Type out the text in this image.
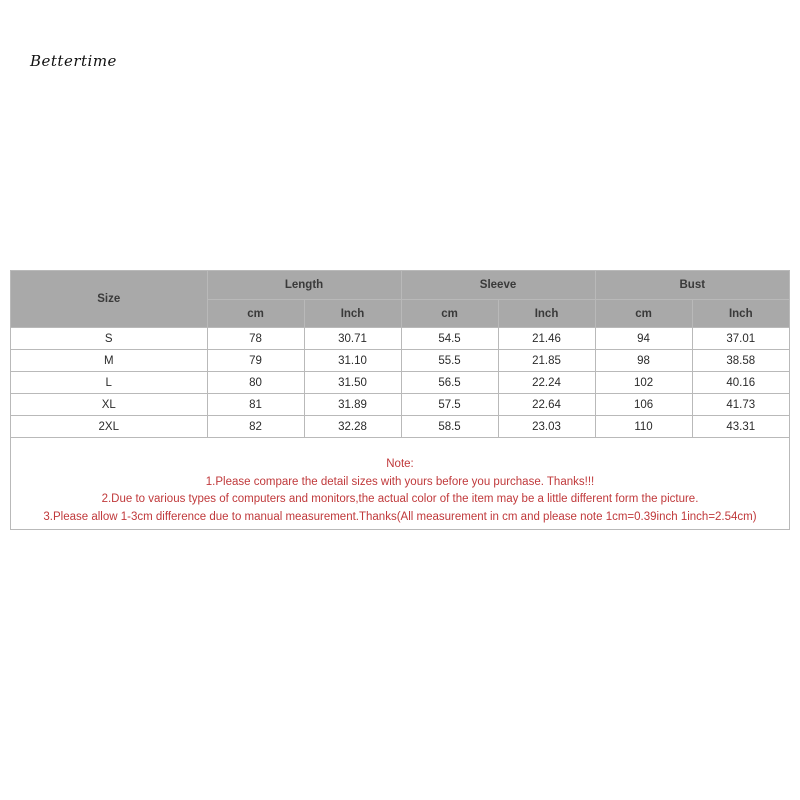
Bettertime
Size	Length		Sleeve		Bust	
	cm	Inch	cm	Inch	cm	Inch
S	78	30.71	54.5	21.46	94	37.01
M	79	31.10	55.5	21.85	98	38.58
L	80	31.50	56.5	22.24	102	40.16
XL	81	31.89	57.5	22.64	106	41.73
2XL	82	32.28	58.5	23.03	110	43.31
Note:
1.Please compare the detail sizes with yours before you purchase. Thanks!!!
2.Due to various types of computers and monitors,the actual color of the item may be a little different form the picture.
3.Please allow 1-3cm difference due to manual measurement.Thanks(All measurement in cm and please note 1cm=0.39inch 1inch=2.54cm)
